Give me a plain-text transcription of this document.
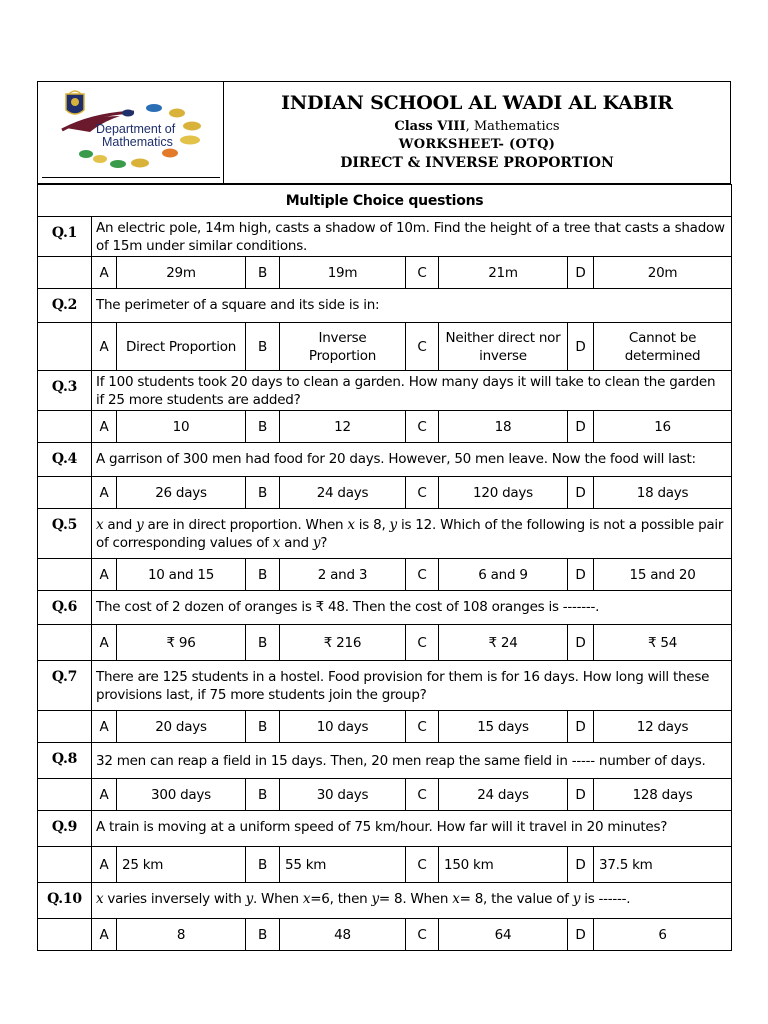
Department of
Mathematics
INDIAN SCHOOL AL WADI AL KABIR
Class VIII, Mathematics
WORKSHEET- (OTQ)
DIRECT & INVERSE PROPORTION
Multiple Choice questions								
Q.1	An electric pole, 14m high, casts a shadow of 10m. Find the height of a tree that casts a shadow of 15m under similar conditions.							
	A	29m	B	19m	C	21m	D	20m
Q.2	The perimeter of a square and its side is in:							
	A	Direct Proportion	B	Inverse Proportion	C	Neither direct nor inverse	D	Cannot be determined
Q.3	If 100 students took 20 days to clean a garden. How many days it will take to clean the garden if 25 more students are added?							
	A	10	B	12	C	18	D	16
Q.4	A garrison of 300 men had food for 20 days. However, 50 men leave. Now the food will last:							
	A	26 days	B	24 days	C	120 days	D	18 days
Q.5	x and y are in direct proportion. When x is 8, y is 12. Which of the following is not a possible pair of corresponding values of x and y?							
	A	10 and 15	B	2 and 3	C	6 and 9	D	15 and 20
Q.6	The cost of 2 dozen of oranges is ₹ 48. Then the cost of 108 oranges is -------.							
	A	₹ 96	B	₹ 216	C	₹ 24	D	₹ 54
Q.7	There are 125 students in a hostel. Food provision for them is for 16 days. How long will these provisions last, if 75 more students join the group?							
	A	20 days	B	10 days	C	15 days	D	12 days
Q.8	32 men can reap a field in 15 days. Then, 20 men reap the same field in ----- number of days.							
	A	300 days	B	30 days	C	24 days	D	128 days
Q.9	A train is moving at a uniform speed of 75 km/hour. How far will it travel in 20 minutes?							
	A	25 km	B	55 km	C	150 km	D	37.5 km
Q.10	x varies inversely with y. When x=6, then y= 8. When x= 8, the value of y is ------.							
	A	8	B	48	C	64	D	6
